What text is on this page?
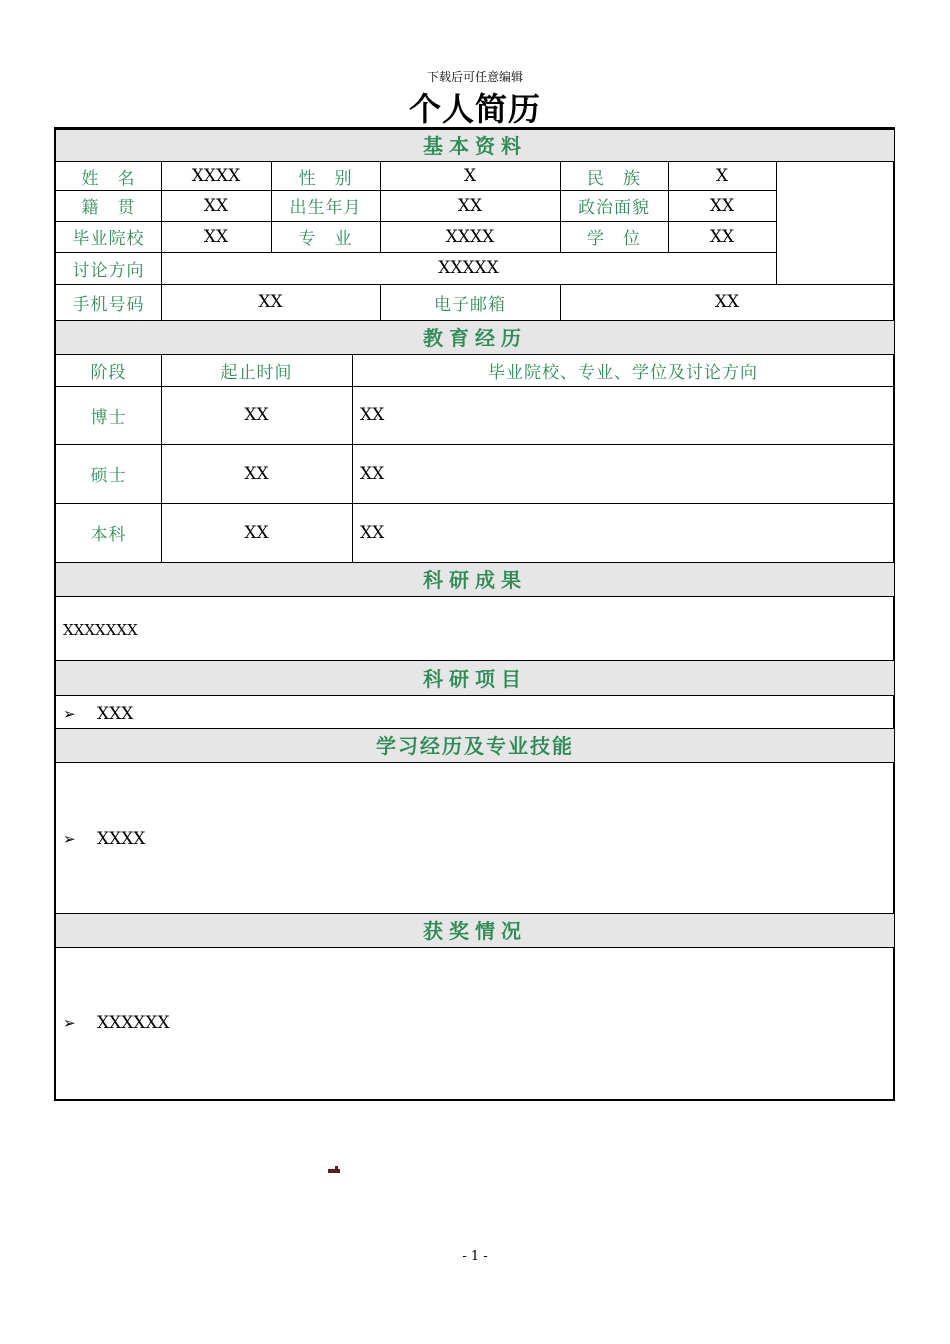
下载后可任意编辑
个人简历
基本资料
姓　名	XXXX	性　别	X	民　族	X
籍　贯	XX	出生年月	XX	政治面貌	XX
毕业院校	XX	专　业	XXXX	学　位	XX
讨论方向	XXXXX
手机号码	XX	电子邮箱	XX
教育经历
阶段	起止时间	毕业院校、专业、学位及讨论方向
博士	XX	XX
硕士	XX	XX
本科	XX	XX
科研成果
XXXXXXX
科研项目
➢ XXX
学习经历及专业技能
➢ XXXX
获奖情况
➢ XXXXXX
- 1 -
